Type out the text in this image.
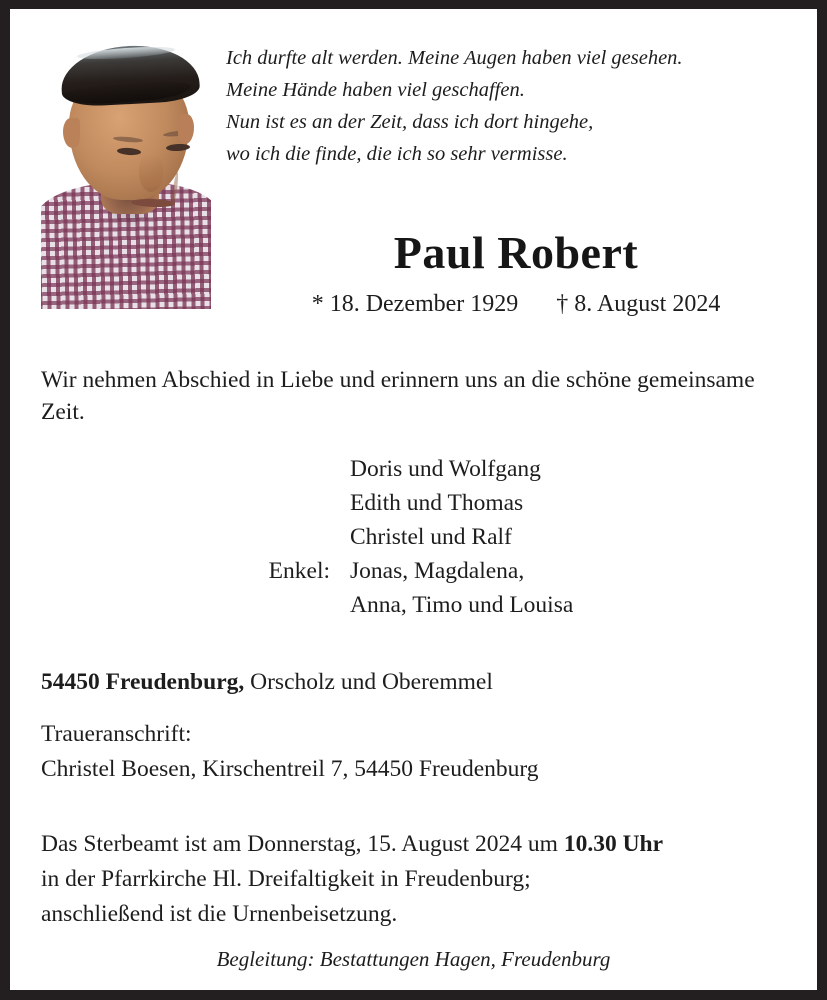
Ich durfte alt werden. Meine Augen haben viel gesehen.
Meine Hände haben viel geschaffen.
Nun ist es an der Zeit, dass ich dort hingehe,
wo ich die finde, die ich so sehr vermisse.
Paul Robert
* 18. Dezember 1929 † 8. August 2024
Wir nehmen Abschied in Liebe und erinnern uns an die schöne gemeinsame Zeit.
Doris und Wolfgang
Edith und Thomas
Christel und Ralf
Enkel: Jonas, Magdalena,
Anna, Timo und Louisa
54450 Freudenburg, Orscholz und Oberemmel
Traueranschrift:
Christel Boesen, Kirschentreil 7, 54450 Freudenburg
Das Sterbeamt ist am Donnerstag, 15. August 2024 um 10.30 Uhr
in der Pfarrkirche Hl. Dreifaltigkeit in Freudenburg;
anschließend ist die Urnenbeisetzung.
Begleitung: Bestattungen Hagen, Freudenburg
